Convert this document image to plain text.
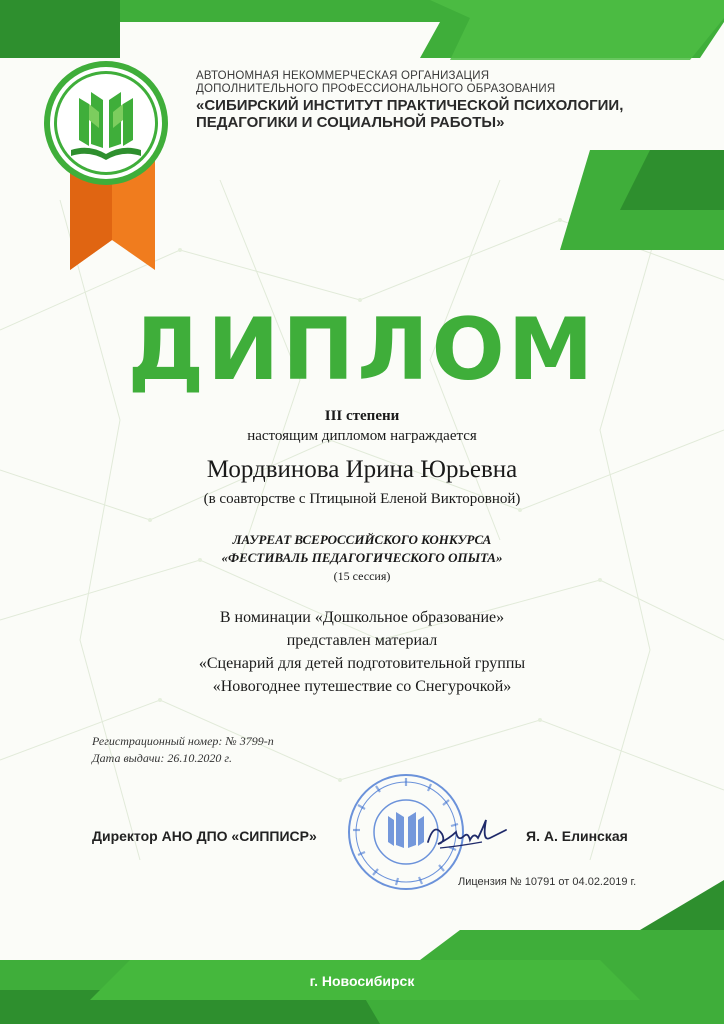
АВТОНОМНАЯ НЕКОММЕРЧЕСКАЯ ОРГАНИЗАЦИЯ
ДОПОЛНИТЕЛЬНОГО ПРОФЕССИОНАЛЬНОГО ОБРАЗОВАНИЯ
«СИБИРСКИЙ ИНСТИТУТ ПРАКТИЧЕСКОЙ ПСИХОЛОГИИ,
ПЕДАГОГИКИ И СОЦИАЛЬНОЙ РАБОТЫ»
ДИПЛОМ
III степени
настоящим дипломом награждается
Мордвинова Ирина Юрьевна
(в соавторстве с Птицыной Еленой Викторовной)
ЛАУРЕАТ ВСЕРОССИЙСКОГО КОНКУРСА
«ФЕСТИВАЛЬ ПЕДАГОГИЧЕСКОГО ОПЫТА»
(15 сессия)
В номинации «Дошкольное образование»
представлен материал
«Сценарий для детей подготовительной группы
«Новогоднее путешествие со Снегурочкой»
Регистрационный номер: № 3799-п
Дата выдачи: 26.10.2020 г.
Директор АНО ДПО «СИППИСР»	Я. А. Елинская
Лицензия № 10791 от 04.02.2019 г.
г. Новосибирск
